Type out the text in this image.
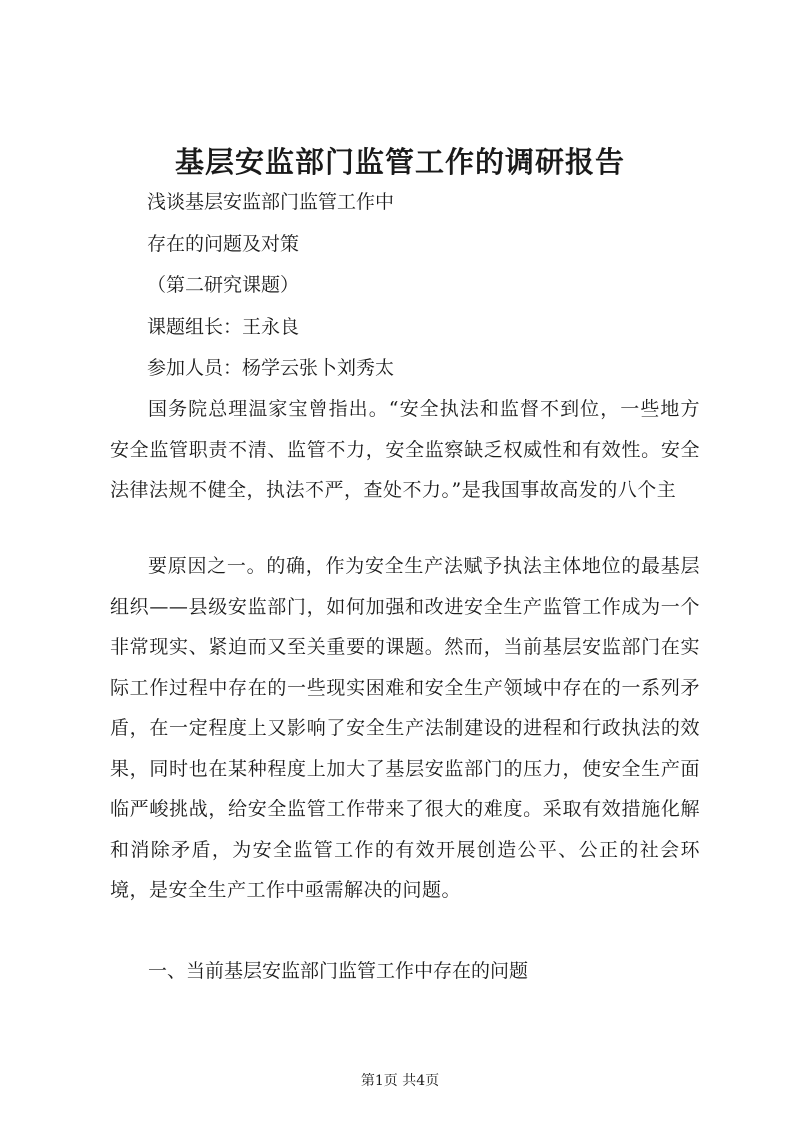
基层安监部门监管工作的调研报告
浅谈基层安监部门监管工作中
存在的问题及对策
（第二研究课题）
课题组长：王永良
参加人员：杨学云张卜刘秀太

国务院总理温家宝曾指出。“安全执法和监督不到位，一些地方安全监管职责不清、监管不力，安全监察缺乏权威性和有效性。安全法律法规不健全，执法不严，查处不力。”是我国事故高发的八个主

要原因之一。的确，作为安全生产法赋予执法主体地位的最基层组织——县级安监部门，如何加强和改进安全生产监管工作成为一个非常现实、紧迫而又至关重要的课题。然而，当前基层安监部门在实际工作过程中存在的一些现实困难和安全生产领域中存在的一系列矛盾，在一定程度上又影响了安全生产法制建设的进程和行政执法的效果，同时也在某种程度上加大了基层安监部门的压力，使安全生产面临严峻挑战，给安全监管工作带来了很大的难度。采取有效措施化解和消除矛盾，为安全监管工作的有效开展创造公平、公正的社会环境，是安全生产工作中亟需解决的问题。

一、当前基层安监部门监管工作中存在的问题
第1页 共4页
